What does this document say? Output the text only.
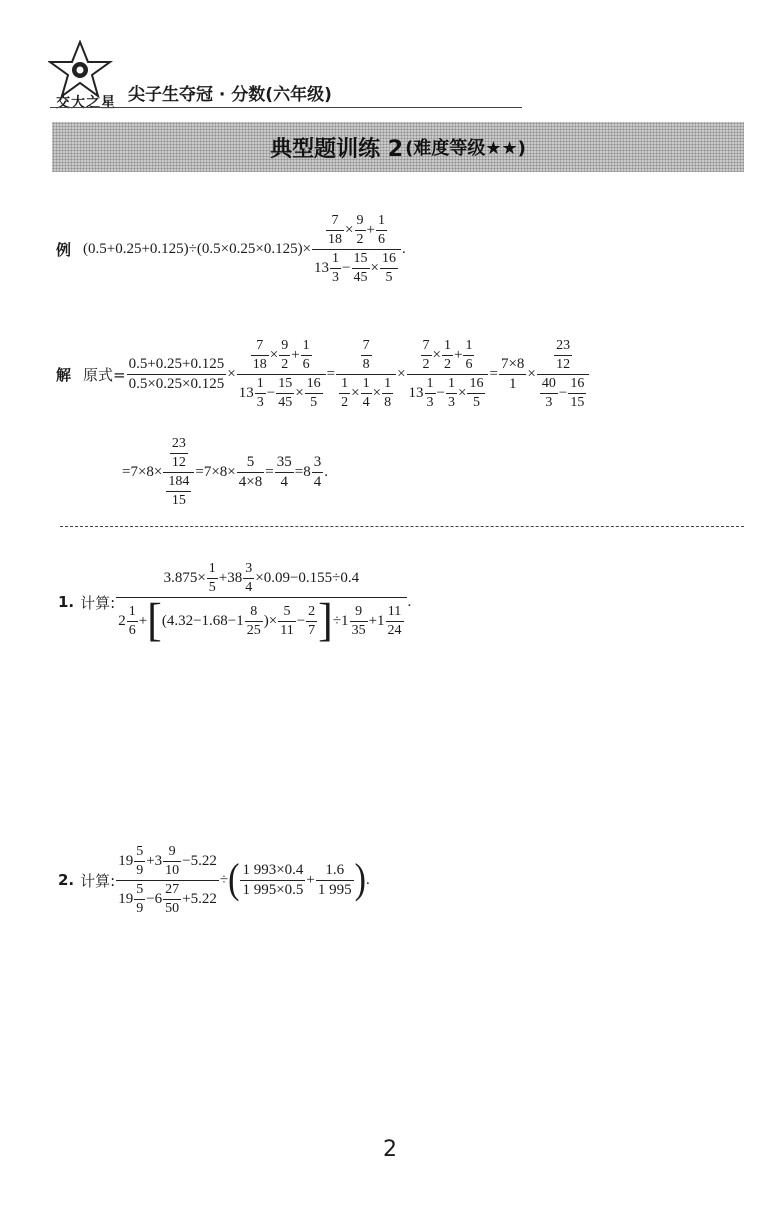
交大之星 尖子生夺冠 · 分数(六年级)
典型题训练 2 (难度等级★★)
例 $(0.5+0.25+0.125)\div(0.5\times 0.25\times 0.125)\times \frac{\frac{7}{18} \times \frac{9}{2} + \frac{1}{6}}{13 \frac{1}{3} - \frac{15}{45} \times \frac{16}{5}}$ .
解 原式= $\frac{0.5+0.25+0.125}{0.5\times 0.25\times 0.125} \times \frac{\frac{7}{18} \times \frac{9}{2} + \frac{1}{6}}{13 \frac{1}{3} - \frac{15}{45} \times \frac{16}{5}} = \frac{\frac{7}{8}}{\frac{1}{2} \times \frac{1}{4} \times \frac{1}{8}} \times \frac{\frac{7}{2} \times \frac{1}{2} + \frac{1}{6}}{13 \frac{1}{3} - \frac{1}{3} \times \frac{16}{5}} = \frac{7\times 8}{1} \times \frac{\frac{23}{12}}{\frac{40}{3} - \frac{16}{15}}$
$=7\times 8\times \frac{\frac{23}{12}}{\frac{184}{15}} =7\times 8\times \frac{5}{4\times 8} = \frac{35}{4} = 8 \frac{3}{4}$ .
1. 计算:
$3.875\times \frac{1}{5} +38 \frac{3}{4} \times 0.09-0.155\div 0.4$
$2 \frac{1}{6}$ + [ ($4.32-1.68-1 \frac{8}{25}$ )× $\frac{5}{11} - \frac{2}{7}$ ] $\div 1 \frac{9}{35} +1 \frac{11}{24}$
.
2. 计算: $\frac{19 \frac{5}{9} +3 \frac{9}{10} -5.22}{19 \frac{5}{9} -6 \frac{27}{50} +5.22}$ ÷ ( $\frac{1 993\times 0.4}{1 995\times 0.5} + \frac{1.6}{1 995}$ ) .
2
